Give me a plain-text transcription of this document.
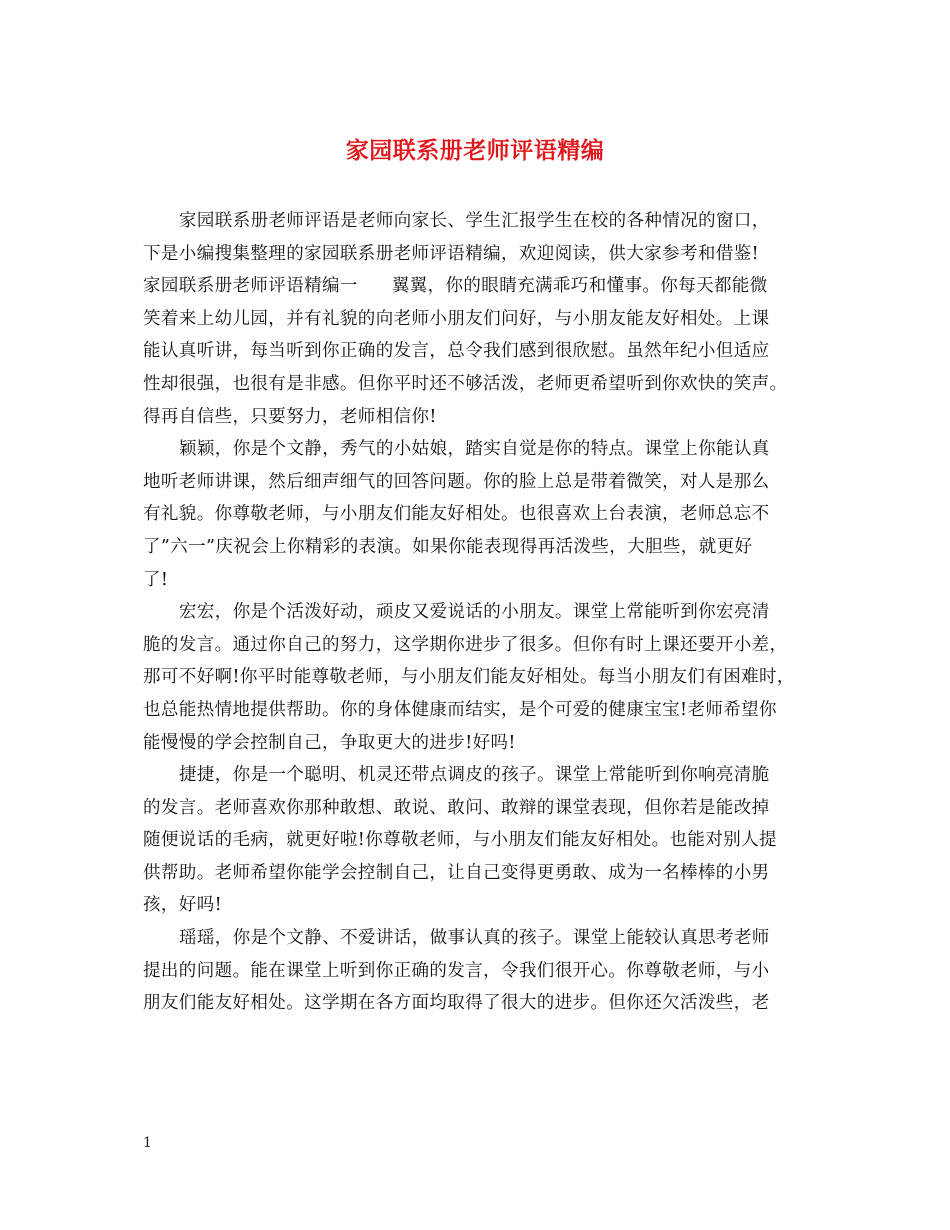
家园联系册老师评语精编
家园联系册老师评语是老师向家长、学生汇报学生在校的各种情况的窗口，
下是小编搜集整理的家园联系册老师评语精编，欢迎阅读，供大家参考和借鉴!
家园联系册老师评语精编一 翼翼，你的眼睛充满乖巧和懂事。你每天都能微
笑着来上幼儿园，并有礼貌的向老师小朋友们问好，与小朋友能友好相处。上课
能认真听讲，每当听到你正确的发言，总令我们感到很欣慰。虽然年纪小但适应
性却很强，也很有是非感。但你平时还不够活泼，老师更希望听到你欢快的笑声。
得再自信些，只要努力，老师相信你!
颖颖，你是个文静，秀气的小姑娘，踏实自觉是你的特点。课堂上你能认真
地听老师讲课，然后细声细气的回答问题。你的脸上总是带着微笑，对人是那么
有礼貌。你尊敬老师，与小朋友们能友好相处。也很喜欢上台表演，老师总忘不
了”六一”庆祝会上你精彩的表演。如果你能表现得再活泼些，大胆些，就更好
了!
宏宏，你是个活泼好动，顽皮又爱说话的小朋友。课堂上常能听到你宏亮清
脆的发言。通过你自己的努力，这学期你进步了很多。但你有时上课还要开小差，
那可不好啊!你平时能尊敬老师，与小朋友们能友好相处。每当小朋友们有困难时，
也总能热情地提供帮助。你的身体健康而结实，是个可爱的健康宝宝!老师希望你
能慢慢的学会控制自己，争取更大的进步!好吗!
捷捷，你是一个聪明、机灵还带点调皮的孩子。课堂上常能听到你响亮清脆
的发言。老师喜欢你那种敢想、敢说、敢问、敢辩的课堂表现，但你若是能改掉
随便说话的毛病，就更好啦!你尊敬老师，与小朋友们能友好相处。也能对别人提
供帮助。老师希望你能学会控制自己，让自己变得更勇敢、成为一名棒棒的小男
孩，好吗!
瑶瑶，你是个文静、不爱讲话，做事认真的孩子。课堂上能较认真思考老师
提出的问题。能在课堂上听到你正确的发言，令我们很开心。你尊敬老师，与小
朋友们能友好相处。这学期在各方面均取得了很大的进步。但你还欠活泼些，老
1
